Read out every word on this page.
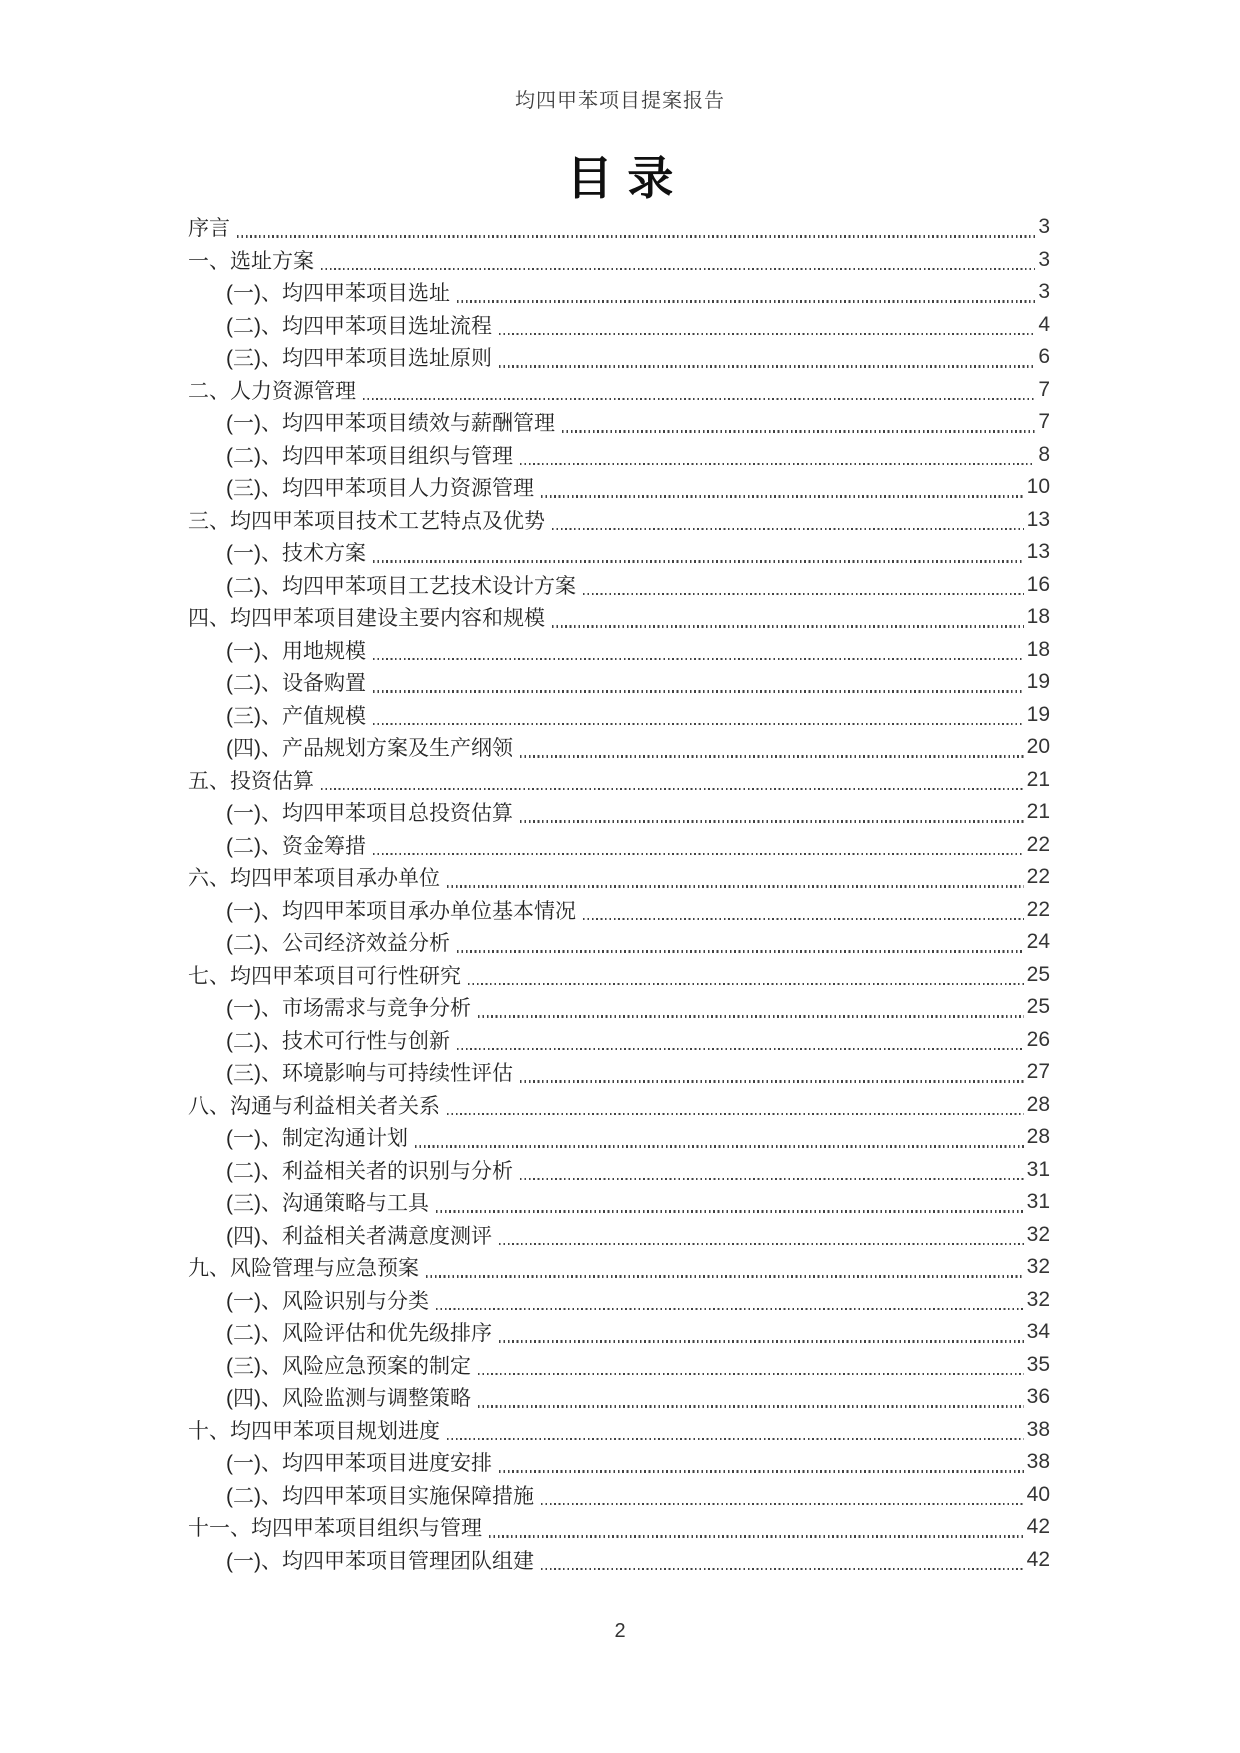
均四甲苯项目提案报告
目录
序言	3
一、选址方案	3
(一)、均四甲苯项目选址	3
(二)、均四甲苯项目选址流程	4
(三)、均四甲苯项目选址原则	6
二、人力资源管理	7
(一)、均四甲苯项目绩效与薪酬管理	7
(二)、均四甲苯项目组织与管理	8
(三)、均四甲苯项目人力资源管理	10
三、均四甲苯项目技术工艺特点及优势	13
(一)、技术方案	13
(二)、均四甲苯项目工艺技术设计方案	16
四、均四甲苯项目建设主要内容和规模	18
(一)、用地规模	18
(二)、设备购置	19
(三)、产值规模	19
(四)、产品规划方案及生产纲领	20
五、投资估算	21
(一)、均四甲苯项目总投资估算	21
(二)、资金筹措	22
六、均四甲苯项目承办单位	22
(一)、均四甲苯项目承办单位基本情况	22
(二)、公司经济效益分析	24
七、均四甲苯项目可行性研究	25
(一)、市场需求与竞争分析	25
(二)、技术可行性与创新	26
(三)、环境影响与可持续性评估	27
八、沟通与利益相关者关系	28
(一)、制定沟通计划	28
(二)、利益相关者的识别与分析	31
(三)、沟通策略与工具	31
(四)、利益相关者满意度测评	32
九、风险管理与应急预案	32
(一)、风险识别与分类	32
(二)、风险评估和优先级排序	34
(三)、风险应急预案的制定	35
(四)、风险监测与调整策略	36
十、均四甲苯项目规划进度	38
(一)、均四甲苯项目进度安排	38
(二)、均四甲苯项目实施保障措施	40
十一、均四甲苯项目组织与管理	42
(一)、均四甲苯项目管理团队组建	42
2
